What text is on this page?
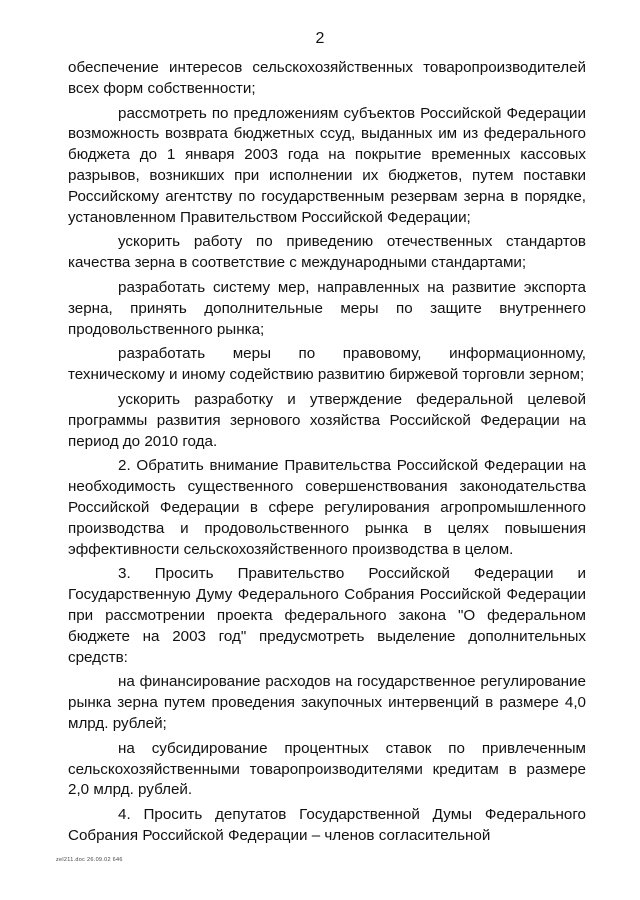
2

обеспечение интересов сельскохозяйственных товаропроизводителей всех форм собственности;

рассмотреть по предложениям субъектов Российской Федерации возможность возврата бюджетных ссуд, выданных им из федерального бюджета до 1 января 2003 года на покрытие временных кассовых разрывов, возникших при исполнении их бюджетов, путем поставки Российскому агентству по государственным резервам зерна в порядке, установленном Правительством Российской Федерации;

ускорить работу по приведению отечественных стандартов качества зерна в соответствие с международными стандартами;

разработать систему мер, направленных на развитие экспорта зерна, принять дополнительные меры по защите внутреннего продовольственного рынка;

разработать меры по правовому, информационному, техническому и иному содействию развитию биржевой торговли зерном;

ускорить разработку и утверждение федеральной целевой программы развития зернового хозяйства Российской Федерации на период до 2010 года.

2. Обратить внимание Правительства Российской Федерации на необходимость существенного совершенствования законодательства Российской Федерации в сфере регулирования агропромышленного производства и продовольственного рынка в целях повышения эффективности сельскохозяйственного производства в целом.

3. Просить Правительство Российской Федерации и Государственную Думу Федерального Собрания Российской Федерации при рассмотрении проекта федерального закона "О федеральном бюджете на 2003 год" предусмотреть выделение дополнительных средств:

на финансирование расходов на государственное регулирование рынка зерна путем проведения закупочных интервенций в размере 4,0 млрд. рублей;

на субсидирование процентных ставок по привлеченным сельскохозяйственными товаропроизводителями кредитам в размере 2,0 млрд. рублей.

4. Просить депутатов Государственной Думы Федерального Собрания Российской Федерации – членов согласительной

zel211.doc 26.09.02 646
